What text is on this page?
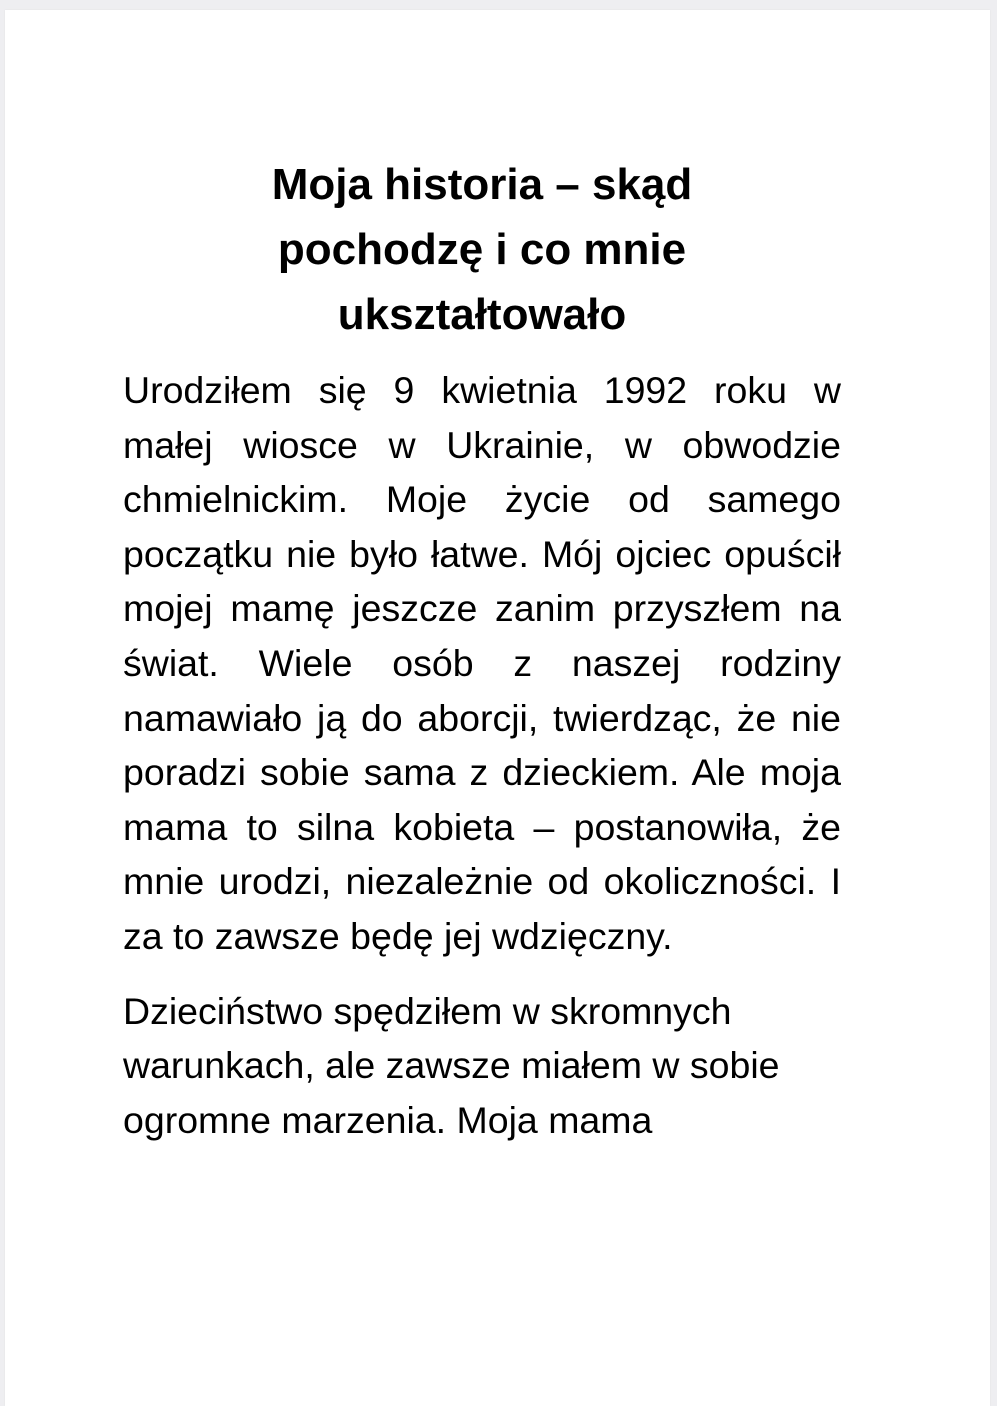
Moja historia – skąd
pochodzę i co mnie
ukształtowało

Urodziłem się 9 kwietnia 1992 roku w małej wiosce w Ukrainie, w obwodzie chmielnickim. Moje życie od samego początku nie było łatwe. Mój ojciec opuścił mojej mamę jeszcze zanim przyszłem na świat. Wiele osób z naszej rodziny namawiało ją do aborcji, twierdząc, że nie poradzi sobie sama z dzieckiem. Ale moja mama to silna kobieta – postanowiła, że mnie urodzi, niezależnie od okoliczności. I za to zawsze będę jej wdzięczny.

Dzieciństwo spędziłem w skromnych warunkach, ale zawsze miałem w sobie ogromne marzenia. Moja mama
